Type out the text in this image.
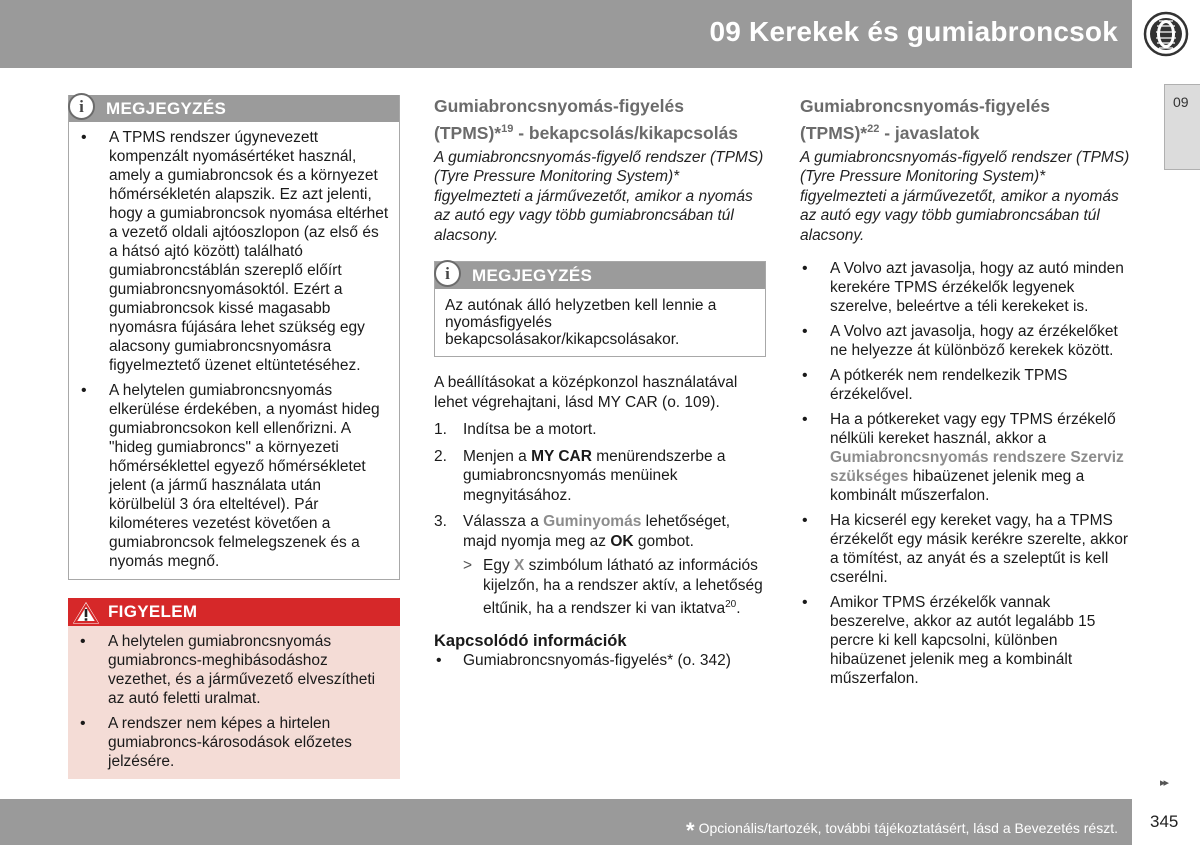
09 Kerekek és gumiabroncsok
09
i	MEGJEGYZÉS
• A TPMS rendszer úgynevezett kompenzált nyomásértéket használ, amely a gumiabroncsok és a környezet hőmérsékletén alapszik. Ez azt jelenti, hogy a gumiabroncsok nyomása eltérhet a vezető oldali ajtóoszlopon (az első és a hátsó ajtó között) található gumiabroncstáblán szereplő előírt gumiabroncsnyomásoktól. Ezért a gumiabroncsok kissé magasabb nyomásra fújására lehet szükség egy alacsony gumiabroncsnyomásra figyelmeztető üzenet eltüntetéséhez.
• A helytelen gumiabroncsnyomás elkerülése érdekében, a nyomást hideg gumiabroncsokon kell ellenőrizni. A "hideg gumiabroncs" a környezeti hőmérséklettel egyező hőmérsékletet jelent (a jármű használata után körülbelül 3 óra elteltével). Pár kilométeres vezetést követően a gumiabroncsok felmelegszenek és a nyomás megnő.
FIGYELEM
• A helytelen gumiabroncsnyomás gumiabroncs-meghibásodáshoz vezethet, és a járművezető elveszítheti az autó feletti uralmat.
• A rendszer nem képes a hirtelen gumiabroncs-károsodások előzetes jelzésére.
Gumiabroncsnyomás-figyelés (TPMS)*$^{19}$ - bekapcsolás/kikapcsolás

A gumiabroncsnyomás-figyelő rendszer (TPMS) (Tyre Pressure Monitoring System)* figyelmezteti a járművezetőt, amikor a nyomás az autó egy vagy több gumiabroncsában túl alacsony.

i	MEGJEGYZÉS
Az autónak álló helyzetben kell lennie a nyomásfigyelés bekapcsolásakor/kikapcsolásakor.

A beállításokat a középkonzol használatával lehet végrehajtani, lásd MY CAR (o. 109).

1. Indítsa be a motort.
2. Menjen a MY CAR menürendszerbe a gumiabroncsnyomás menüinek megnyitásához.
3. Válassza a Guminyomás lehetőséget, majd nyomja meg az OK gombot.
> Egy X szimbólum látható az információs kijelzőn, ha a rendszer aktív, a lehetőség eltűnik, ha a rendszer ki van iktatva$^{20}$.
Kapcsolódó információk
• Gumiabroncsnyomás-figyelés* (o. 342)
Gumiabroncsnyomás-figyelés (TPMS)*$^{22}$ - javaslatok

A gumiabroncsnyomás-figyelő rendszer (TPMS) (Tyre Pressure Monitoring System)* figyelmezteti a járművezetőt, amikor a nyomás az autó egy vagy több gumiabroncsában túl alacsony.

• A Volvo azt javasolja, hogy az autó minden kerekére TPMS érzékelők legyenek szerelve, beleértve a téli kerekeket is.
• A Volvo azt javasolja, hogy az érzékelőket ne helyezze át különböző kerekek között.
• A pótkerék nem rendelkezik TPMS érzékelővel.
• Ha a pótkereket vagy egy TPMS érzékelő nélküli kereket használ, akkor a Gumiabroncsnyomás rendszere Szerviz szükséges hibaüzenet jelenik meg a kombinált műszerfalon.
• Ha kicserél egy kereket vagy, ha a TPMS érzékelőt egy másik kerékre szerelte, akkor a tömítést, az anyát és a szeleptűt is kell cserélni.
• Amikor TPMS érzékelők vannak beszerelve, akkor az autót legalább 15 percre ki kell kapcsolni, különben hibaüzenet jelenik meg a kombinált műszerfalon.
▸▸
* Opcionális/tartozék, további tájékoztatásért, lásd a Bevezetés részt. 345
